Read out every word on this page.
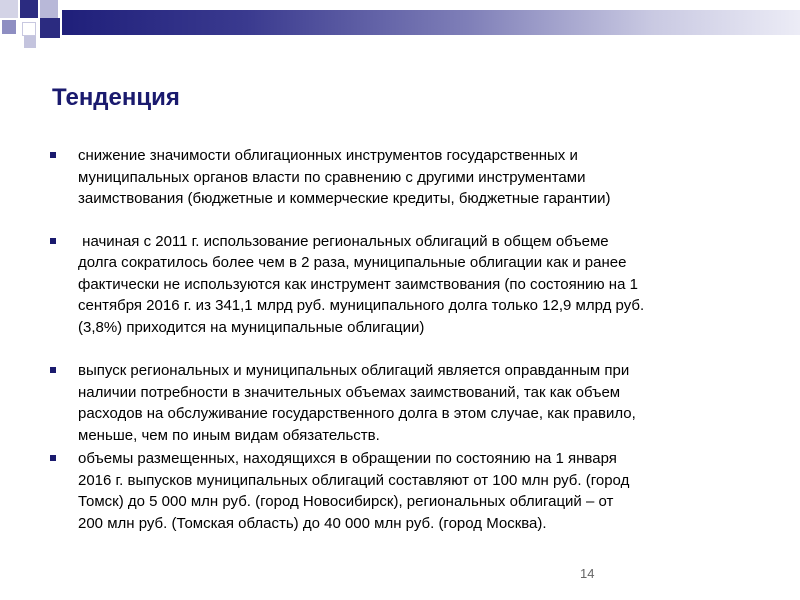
Тенденция
снижение значимости облигационных инструментов государственных и
муниципальных органов власти по сравнению с другими инструментами
заимствования (бюджетные и коммерческие кредиты, бюджетные гарантии)
начиная с 2011 г. использование региональных облигаций в общем объеме
долга сократилось более чем в 2 раза, муниципальные облигации как и ранее
фактически не используются как инструмент заимствования (по состоянию на 1
сентября 2016 г. из 341,1 млрд руб. муниципального долга только 12,9 млрд руб.
(3,8%) приходится на муниципальные облигации)
выпуск региональных и муниципальных облигаций является оправданным при
наличии потребности в значительных объемах заимствований, так как объем
расходов на обслуживание государственного долга в этом случае, как правило,
меньше, чем по иным видам обязательств.
объемы размещенных, находящихся в обращении по состоянию на 1 января
2016 г. выпусков муниципальных облигаций составляют от 100 млн руб. (город
Томск) до 5 000 млн руб. (город Новосибирск), региональных облигаций – от
200 млн руб. (Томская область) до 40 000 млн руб. (город Москва).
14
